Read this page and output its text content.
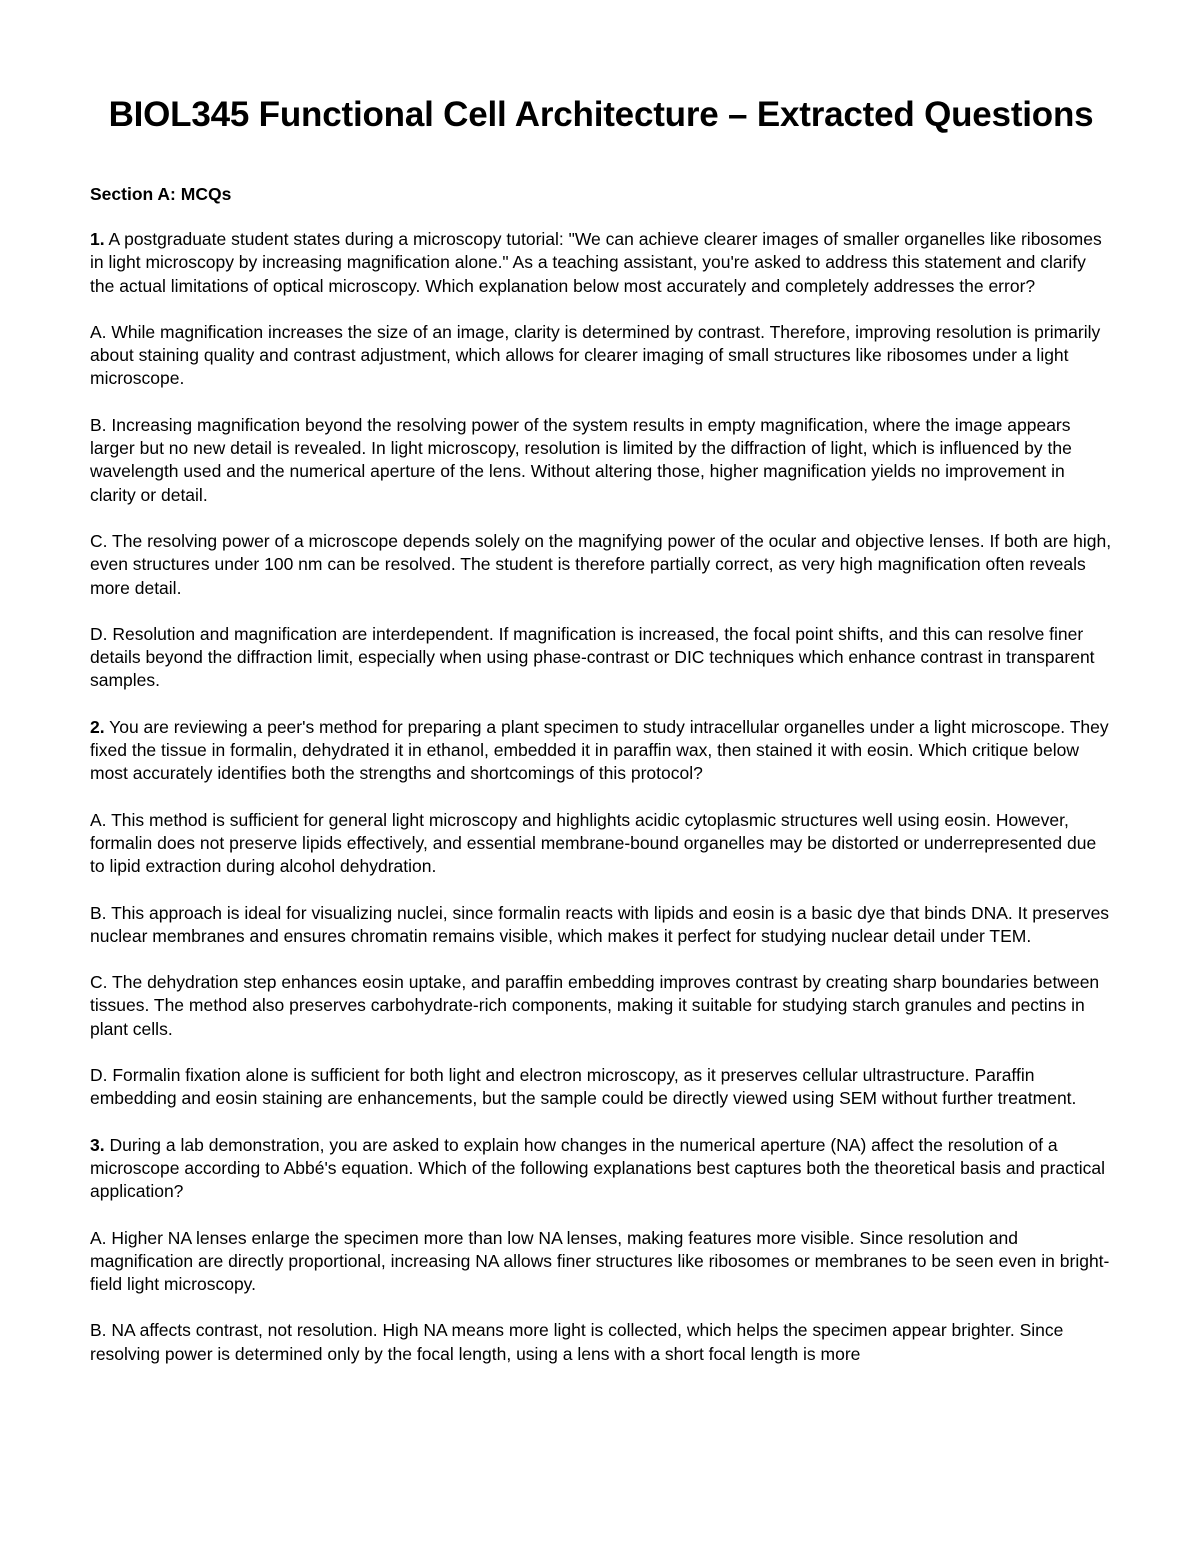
BIOL345 Functional Cell Architecture – Extracted Questions
Section A: MCQs

1. A postgraduate student states during a microscopy tutorial: "We can achieve clearer images of smaller organelles like ribosomes in light microscopy by increasing magnification alone." As a teaching assistant, you're asked to address this statement and clarify the actual limitations of optical microscopy. Which explanation below most accurately and completely addresses the error?

A. While magnification increases the size of an image, clarity is determined by contrast. Therefore, improving resolution is primarily about staining quality and contrast adjustment, which allows for clearer imaging of small structures like ribosomes under a light microscope.

B. Increasing magnification beyond the resolving power of the system results in empty magnification, where the image appears larger but no new detail is revealed. In light microscopy, resolution is limited by the diffraction of light, which is influenced by the wavelength used and the numerical aperture of the lens. Without altering those, higher magnification yields no improvement in clarity or detail.

C. The resolving power of a microscope depends solely on the magnifying power of the ocular and objective lenses. If both are high, even structures under 100 nm can be resolved. The student is therefore partially correct, as very high magnification often reveals more detail.

D. Resolution and magnification are interdependent. If magnification is increased, the focal point shifts, and this can resolve finer details beyond the diffraction limit, especially when using phase-contrast or DIC techniques which enhance contrast in transparent samples.

2. You are reviewing a peer's method for preparing a plant specimen to study intracellular organelles under a light microscope. They fixed the tissue in formalin, dehydrated it in ethanol, embedded it in paraffin wax, then stained it with eosin. Which critique below most accurately identifies both the strengths and shortcomings of this protocol?

A. This method is sufficient for general light microscopy and highlights acidic cytoplasmic structures well using eosin. However, formalin does not preserve lipids effectively, and essential membrane-bound organelles may be distorted or underrepresented due to lipid extraction during alcohol dehydration.

B. This approach is ideal for visualizing nuclei, since formalin reacts with lipids and eosin is a basic dye that binds DNA. It preserves nuclear membranes and ensures chromatin remains visible, which makes it perfect for studying nuclear detail under TEM.

C. The dehydration step enhances eosin uptake, and paraffin embedding improves contrast by creating sharp boundaries between tissues. The method also preserves carbohydrate-rich components, making it suitable for studying starch granules and pectins in plant cells.

D. Formalin fixation alone is sufficient for both light and electron microscopy, as it preserves cellular ultrastructure. Paraffin embedding and eosin staining are enhancements, but the sample could be directly viewed using SEM without further treatment.

3. During a lab demonstration, you are asked to explain how changes in the numerical aperture (NA) affect the resolution of a microscope according to Abbé's equation. Which of the following explanations best captures both the theoretical basis and practical application?

A. Higher NA lenses enlarge the specimen more than low NA lenses, making features more visible. Since resolution and magnification are directly proportional, increasing NA allows finer structures like ribosomes or membranes to be seen even in bright-field light microscopy.

B. NA affects contrast, not resolution. High NA means more light is collected, which helps the specimen appear brighter. Since resolving power is determined only by the focal length, using a lens with a short focal length is more
